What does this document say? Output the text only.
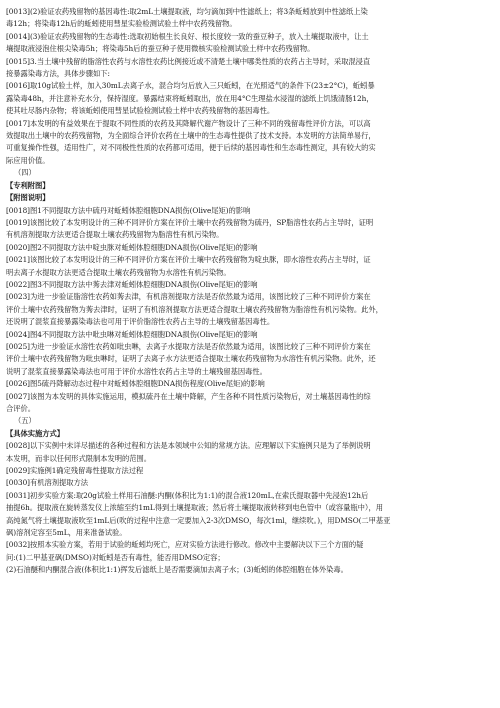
[0013](2)验证农药残留物的基因毒性:取2mL土壤提取液，均匀滴加到中性滤纸上；将3条蚯蚓放到中性滤纸上染
毒12h；将染毒12h后的蚯蚓使用彗星实验检测试验土样中农药残留物。
[0014](3)验证农药残留物的生态毒性:选取初始根生长良好、根长度较一致的蚕豆种子，放入土壤提取液中，让土
壤提取液浸泡住根尖染毒5h；将染毒5h后的蚕豆种子使用微核实验检测试验土样中农药残留物。
[0015]3.当土壤中残留的脂溶性农药与水溶性农药比例接近或不清楚土壤中哪类性质的农药占主导时，采取混浸直
接暴露染毒方法，具体步骤如下:
[0016]取10g试验土样，加入30mL去离子水，混合均匀后放入三只蚯蚓，在光照适气的条件下(23±2°C)，蚯蚓暴
露染毒48h，并注意补充水分，保持湿度。暴露结束将蚯蚓取出，放在用4°C生理盐水浸湿的滤纸上饥饿清肠12h，
使其吐尽肠内杂物；将该蚯蚓使用彗星试验检测试验土样中农药残留物的基因毒性。
[0017]本发明的有益效果在于提取不同性质的农药及其降解代谢产物设计了三种不同的残留毒性评价方法，可以高
效提取出土壤中的农药残留物，为全面综合评价农药在土壤中的生态毒性提供了技术支持。本发明的方法简单易行，
可重复操作性强，适用性广，对不同极性性质的农药都可适用，便于后续的基因毒性和生态毒性测定，具有较大的实
际应用价值。
（四）
【专利附图】
【附图说明】
[0018]图1不同提取方法中硫丹对蚯蚓体腔细胞DNA损伤(Olive尾矩)的影响
[0019]该图比较了本发明设计的三种不同评价方案在评价土壤中农药残留物为硫丹，SP脂溶性农药占主导时，证明
有机溶剂提取方法更适合提取土壤农药残留物为脂溶性有机污染物。
[0020]图2不同提取方法中啶虫脒对蚯蚓体腔细胞DNA损伤(Olive尾矩)的影响
[0021]该图比较了本发明设计的三种不同评价方案在评价土壤中农药残留物为啶虫脒，即水溶性农药占主导时，证
明去离子水提取方法更适合提取土壤农药残留物为水溶性有机污染物。
[0022]图3不同提取方法中莠去津对蚯蚓体腔细胞DNA损伤(Olive尾矩)的影响
[0023]为进一步验证脂溶性农药如莠去津，有机溶剂提取方法是否依然最为适用，该图比较了三种不同评价方案在
评价土壤中农药残留物为莠去津时，证明了有机溶剂提取方法更适合提取土壤农药残留物为脂溶性有机污染物。此外，
还说明了混浆直接暴露染毒法也可用于评价脂溶性农药占主导的土壤残留基因毒性。
[0024]图4不同提取方法中吡虫啉对蚯蚓体腔细胞DNA损伤(Olive尾矩)的影响
[0025]为进一步验证水溶性农药如吡虫啉，去离子水提取方法是否依然最为适用，该图比较了三种不同评价方案在
评价土壤中农药残留物为吡虫啉时，证明了去离子水方法更适合提取土壤农药残留物为水溶性有机污染物。此外，还
说明了混浆直接暴露染毒法也可用于评价水溶性农药占主导的土壤残留基因毒性。
[0026]图5硫丹降解动态过程中对蚯蚓体腔细胞DNA损伤程度(Olive尾矩)的影响
[0027]该图为本发明的具体实施运用，模拟硫丹在土壤中降解，产生各种不同性质污染物后，对土壤基因毒性的综
合评价。
（五）
【具体实施方式】
[0028]以下实例中未详尽描述的各种过程和方法是本领域中公知的常规方法。应理解以下实施例只是为了举例说明
本发明，而非以任何形式限制本发明的范围。
[0029]实施例1确定残留毒性提取方法过程
[0030]有机溶剂提取方法
[0031]初步实验方案:取20g试验土样用石油醚:内酮(体积比为1:1)的混合液120mL,在索氏提取器中先浸泡12h后
抽提6h。提取液在旋转蒸发仪上浓缩至约1mL得到土壤提取液；然后将土壤提取液转移到电色管中（或容量瓶中），用
高纯氮气将土壤提取液吹至1mL后(吹的过程中注意一定要加入2-3次DMSO，每次1ml，继续吹。)，用DMSO(二甲基亚
砜)溶剂定容至5mL，用来准备试验。
[0032]按照本实验方案，若用于试验的蚯蚓均死亡，应对实验方法进行修改。修改中主要解决以下三个方面的疑
问:(1)二甲基亚砜(DMSO)对蚯蚓是否有毒性，能否用DMSO定容；
(2)石油醚和内酮混合液(体积比1:1)挥发后滤纸上是否需要滴加去离子水；(3)蚯蚓的体腔细胞在体外染毒。
